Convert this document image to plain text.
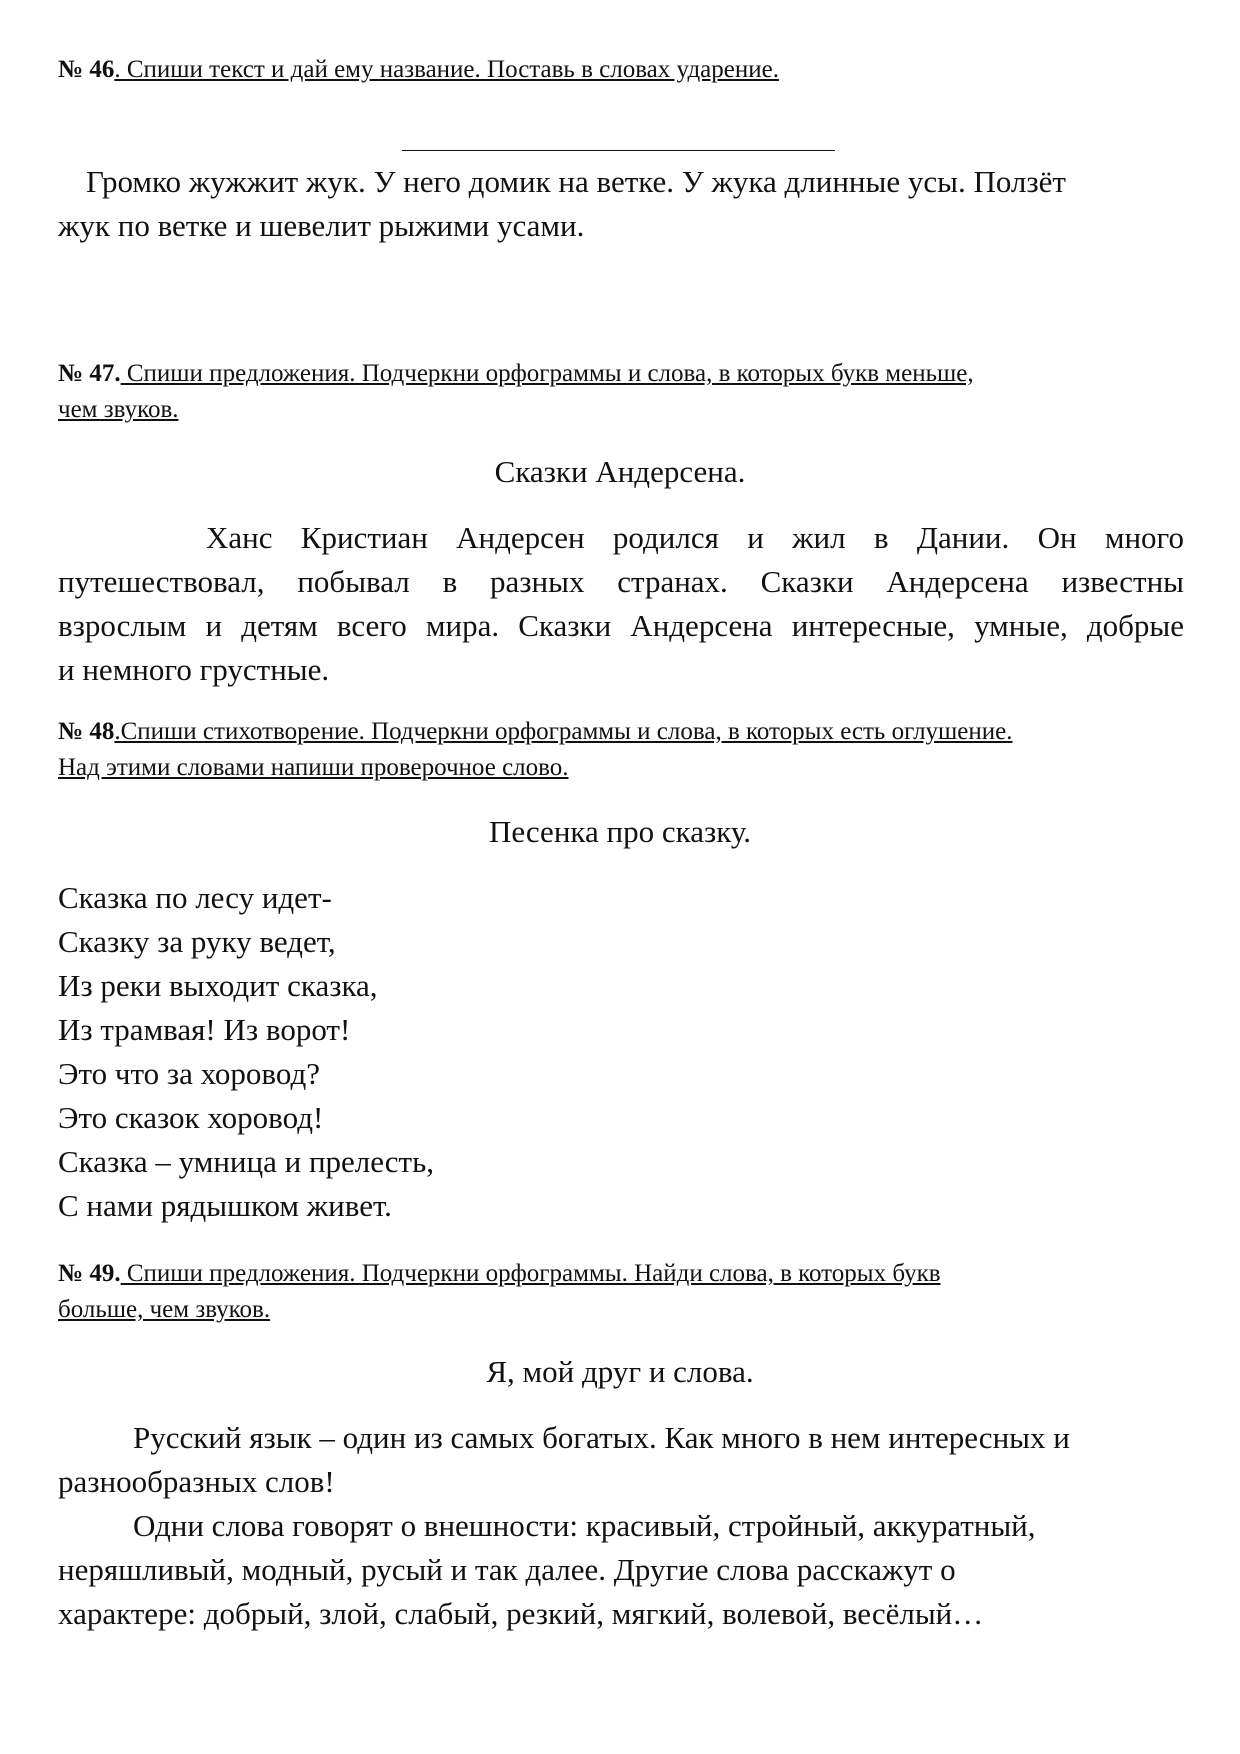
№ 46. Спиши текст и дай ему название. Поставь в словах ударение.
Громко жужжит жук. У него домик на ветке. У жука длинные усы. Ползёт
жук по ветке и шевелит рыжими усами.
№ 47. Спиши предложения. Подчеркни орфограммы и слова, в которых букв меньше,
чем звуков.
Сказки Андерсена.
Ханс Кристиан Андерсен родился и жил в Дании. Он много
путешествовал, побывал в разных странах. Сказки Андерсена известны
взрослым и детям всего мира. Сказки Андерсена интересные, умные, добрые
и немного грустные.
№ 48.Спиши стихотворение. Подчеркни орфограммы и слова, в которых есть оглушение.
Над этими словами напиши проверочное слово.
Песенка про сказку.
Сказка по лесу идет-
Сказку за руку ведет,
Из реки выходит сказка,
Из трамвая! Из ворот!
Это что за хоровод?
Это сказок хоровод!
Сказка – умница и прелесть,
С нами рядышком живет.
№ 49. Спиши предложения. Подчеркни орфограммы. Найди слова, в которых букв
больше, чем звуков.
Я, мой друг и слова.
Русский язык – один из самых богатых. Как много в нем интересных и
разнообразных слов!
Одни слова говорят о внешности: красивый, стройный, аккуратный,
неряшливый, модный, русый и так далее. Другие слова расскажут о
характере: добрый, злой, слабый, резкий, мягкий, волевой, весёлый…
